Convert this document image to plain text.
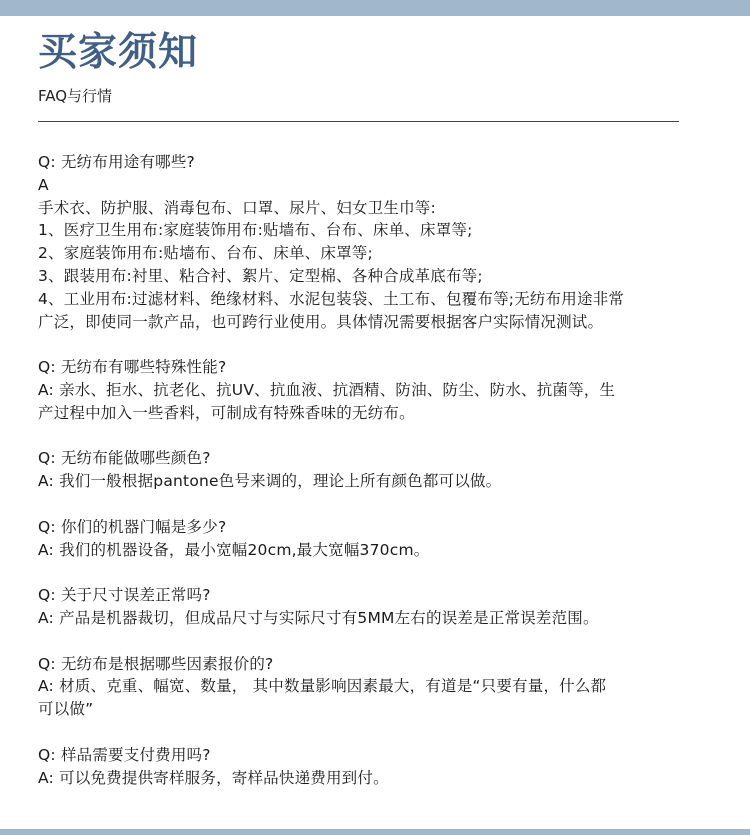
买家须知
FAQ与行情

Q: 无纺布用途有哪些?

A

手术衣、防护服、消毒包布、口罩、尿片、妇女卫生巾等:

1、医疗卫生用布:家庭装饰用布:贴墙布、台布、床单、床罩等;

2、家庭装饰用布:贴墙布、台布、床单、床罩等;

3、跟装用布:衬里、粘合衬、絮片、定型棉、各种合成革底布等;

4、工业用布:过滤材料、绝缘材料、水泥包装袋、土工布、包覆布等;无纺布用途非常

广泛，即使同一款产品，也可跨行业使用。具体情况需要根据客户实际情况测试。

Q: 无纺布有哪些特殊性能?

A: 亲水、拒水、抗老化、抗UV、抗血液、抗酒精、防油、防尘、防水、抗菌等，生

产过程中加入一些香料，可制成有特殊香味的无纺布。

Q: 无纺布能做哪些颜色?

A: 我们一般根据pantone色号来调的，理论上所有颜色都可以做。

Q: 你们的机器门幅是多少?

A: 我们的机器设备，最小宽幅20cm,最大宽幅370cm。

Q: 关于尺寸误差正常吗?

A: 产品是机器裁切，但成品尺寸与实际尺寸有5MM左右的误差是正常误差范围。

Q: 无纺布是根据哪些因素报价的?

A: 材质、克重、幅宽、数量， 其中数量影响因素最大，有道是“只要有量，什么都

可以做”

Q: 样品需要支付费用吗?

A: 可以免费提供寄样服务，寄样品快递费用到付。
